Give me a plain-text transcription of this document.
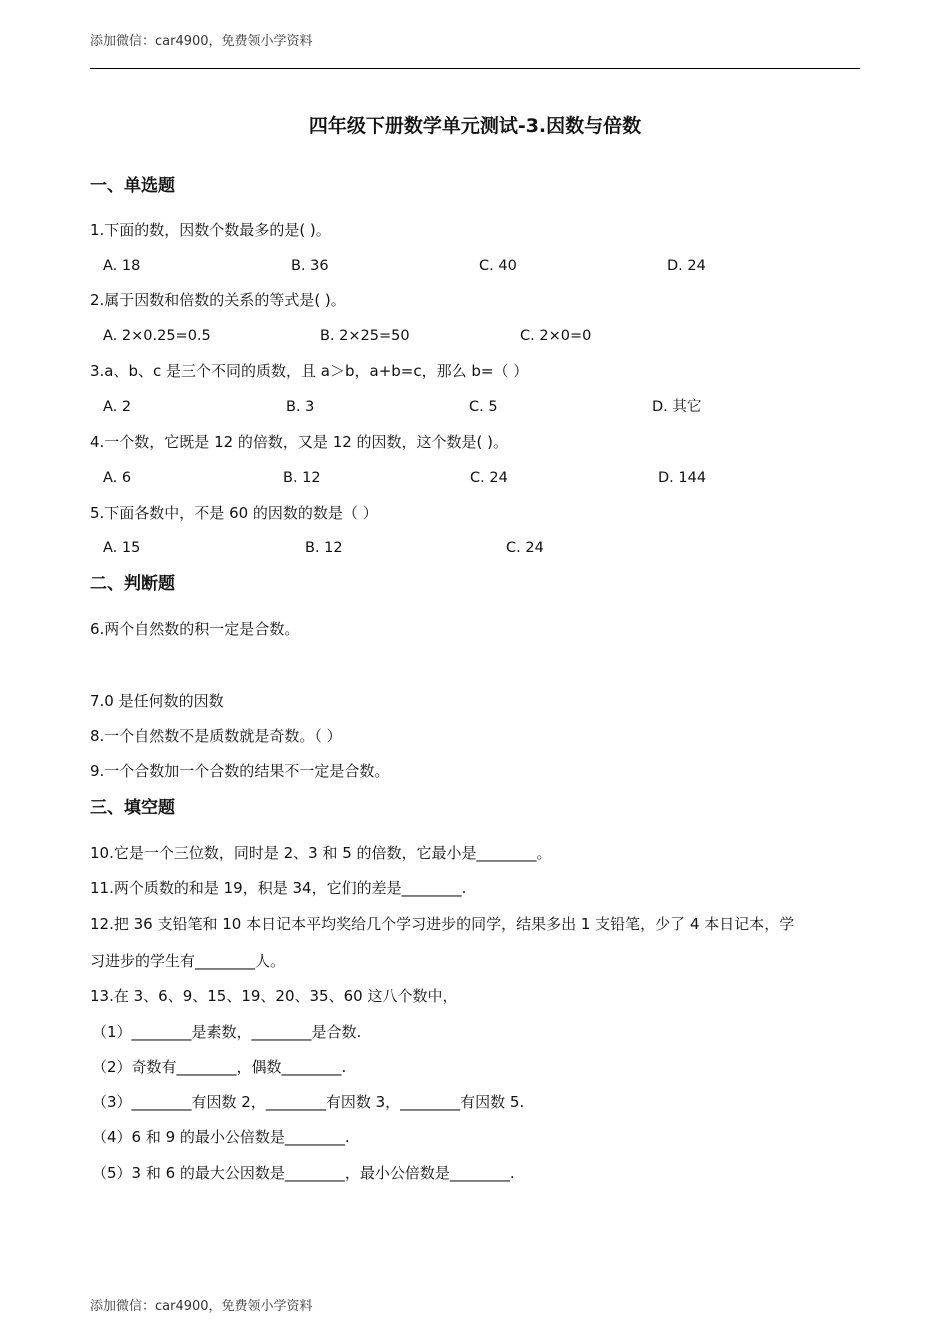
添加微信：car4900，免费领小学资料
四年级下册数学单元测试-3.因数与倍数
一、单选题
1.下面的数，因数个数最多的是( )。
A. 18	B. 36	C. 40	D. 24
2.属于因数和倍数的关系的等式是( )。
A. 2×0.25=0.5	B. 2×25=50	C. 2×0=0
3.a、b、c 是三个不同的质数，且 a＞b，a+b=c，那么 b=（ ）
A. 2	B. 3	C. 5	D. 其它
4.一个数，它既是 12 的倍数，又是 12 的因数，这个数是( )。
A. 6	B. 12	C. 24	D. 144
5.下面各数中，不是 60 的因数的数是（ ）
A. 15	B. 12	C. 24
二、判断题
6.两个自然数的积一定是合数。
7.0 是任何数的因数
8.一个自然数不是质数就是奇数。（ ）
9.一个合数加一个合数的结果不一定是合数。
三、填空题
10.它是一个三位数，同时是 2、3 和 5 的倍数，它最小是________。
11.两个质数的和是 19，积是 34，它们的差是________.
12.把 36 支铅笔和 10 本日记本平均奖给几个学习进步的同学，结果多出 1 支铅笔，少了 4 本日记本，学
习进步的学生有________人。
13.在 3、6、9、15、19、20、35、60 这八个数中，
（1）________是素数，________是合数.
（2）奇数有________，偶数________.
（3）________有因数 2，________有因数 3，________有因数 5.
（4）6 和 9 的最小公倍数是________.
（5）3 和 6 的最大公因数是________，最小公倍数是________.
添加微信：car4900，免费领小学资料
